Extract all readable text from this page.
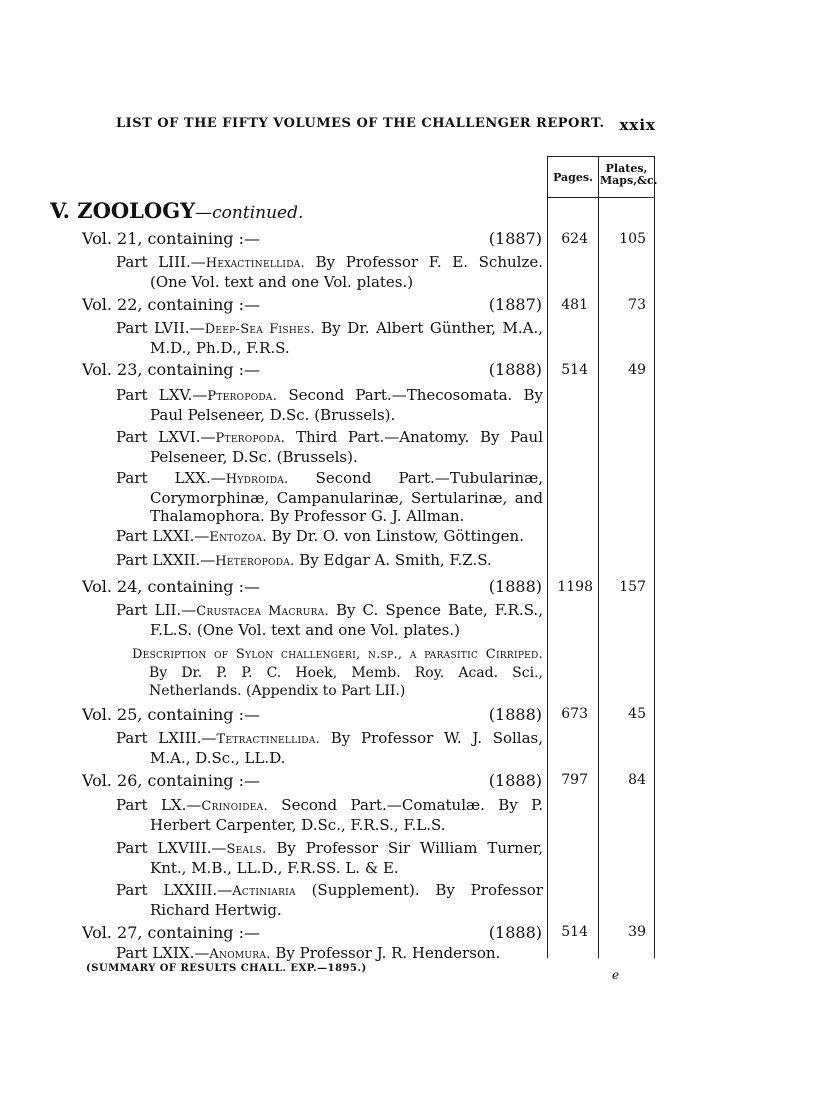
LIST OF THE FIFTY VOLUMES OF THE CHALLENGER REPORT. xxix
Pages.
Plates,
Maps,&c.
V. ZOOLOGY—continued.
Vol. 21, containing :—	(1887)	624	105
Part LIII.—Hexactinellida. By Professor F. E. Schulze. (One Vol. text and one Vol. plates.)
Vol. 22, containing :—	(1887)	481	73
Part LVII.—Deep-Sea Fishes. By Dr. Albert Günther, M.A., M.D., Ph.D., F.R.S.
Vol. 23, containing :—	(1888)	514	49
Part LXV.—Pteropoda. Second Part.—Thecosomata. By Paul Pelseneer, D.Sc. (Brussels).
Part LXVI.—Pteropoda. Third Part.—Anatomy. By Paul Pelseneer, D.Sc. (Brussels).
Part LXX.—Hydroida. Second Part.—Tubularinæ, Corymorphinæ, Campanularinæ, Sertularinæ, and Thalamophora. By Professor G. J. Allman.
Part LXXI.—Entozoa. By Dr. O. von Linstow, Göttingen.
Part LXXII.—Heteropoda. By Edgar A. Smith, F.Z.S.
Vol. 24, containing :—	(1888)	1198	157
Part LII.—Crustacea Macrura. By C. Spence Bate, F.R.S., F.L.S. (One Vol. text and one Vol. plates.)
Description of Sylon challengeri, n.sp., a parasitic Cirriped. By Dr. P. P. C. Hoek, Memb. Roy. Acad. Sci., Netherlands. (Appendix to Part LII.)
Vol. 25, containing :—	(1888)	673	45
Part LXIII.—Tetractinellida. By Professor W. J. Sollas, M.A., D.Sc., LL.D.
Vol. 26, containing :—	(1888)	797	84
Part LX.—Crinoidea. Second Part.—Comatulæ. By P. Herbert Carpenter, D.Sc., F.R.S., F.L.S.
Part LXVIII.—Seals. By Professor Sir William Turner, Knt., M.B., LL.D., F.R.SS. L. & E.
Part LXXIII.—Actiniaria (Supplement). By Professor Richard Hertwig.
Vol. 27, containing :—	(1888)	514	39
Part LXIX.—Anomura. By Professor J. R. Henderson.
(SUMMARY OF RESULTS CHALL. EXP.—1895.)	e
